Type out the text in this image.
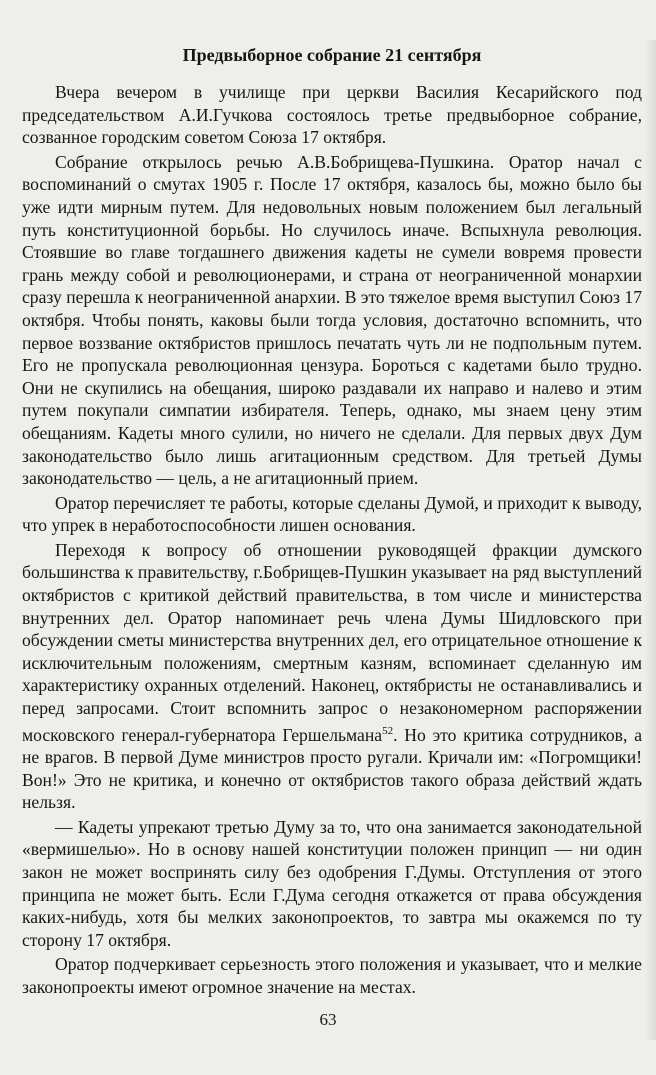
Предвыборное собрание 21 сентября

Вчера вечером в училище при церкви Василия Кесарийского под председательством А.И.Гучкова состоялось третье предвыборное собрание, созванное городским советом Союза 17 октября.

Собрание открылось речью А.В.Бобрищева-Пушкина. Оратор начал с воспоминаний о смутах 1905 г. После 17 октября, казалось бы, можно было бы уже идти мирным путем. Для недовольных новым положением был легальный путь конституционной борьбы. Но случилось иначе. Вспыхнула революция. Стоявшие во главе тогдашнего движения кадеты не сумели вовремя провести грань между собой и революционерами, и страна от неограниченной монархии сразу перешла к неограниченной анархии. В это тяжелое время выступил Союз 17 октября. Чтобы понять, каковы были тогда условия, достаточно вспомнить, что первое воззвание октябристов пришлось печатать чуть ли не подпольным путем. Его не пропускала революционная цензура. Бороться с кадетами было трудно. Они не скупились на обещания, широко раздавали их направо и налево и этим путем покупали симпатии избирателя. Теперь, однако, мы знаем цену этим обещаниям. Кадеты много сулили, но ничего не сделали. Для первых двух Дум законодательство было лишь агитационным средством. Для третьей Думы законодательство — цель, а не агитационный прием.

Оратор перечисляет те работы, которые сделаны Думой, и приходит к выводу, что упрек в неработоспособности лишен основания.

Переходя к вопросу об отношении руководящей фракции думского большинства к правительству, г.Бобрищев-Пушкин указывает на ряд выступлений октябристов с критикой действий правительства, в том числе и министерства внутренних дел. Оратор напоминает речь члена Думы Шидловского при обсуждении сметы министерства внутренних дел, его отрицательное отношение к исключительным положениям, смертным казням, вспоминает сделанную им характеристику охранных отделений. Наконец, октябристы не останавливались и перед запросами. Стоит вспомнить запрос о незакономерном распоряжении московского генерал-губернатора Гершельмана$^{52}$. Но это критика сотрудников, а не врагов. В первой Думе министров просто ругали. Кричали им: «Погромщики! Вон!» Это не критика, и конечно от октябристов такого образа действий ждать нельзя.

— Кадеты упрекают третью Думу за то, что она занимается законодательной «вермишелью». Но в основу нашей конституции положен принцип — ни один закон не может воспринять силу без одобрения Г.Думы. Отступления от этого принципа не может быть. Если Г.Дума сегодня откажется от права обсуждения каких-нибудь, хотя бы мелких законопроектов, то завтра мы окажемся по ту сторону 17 октября.

Оратор подчеркивает серьезность этого положения и указывает, что и мелкие законопроекты имеют огромное значение на местах.

63
